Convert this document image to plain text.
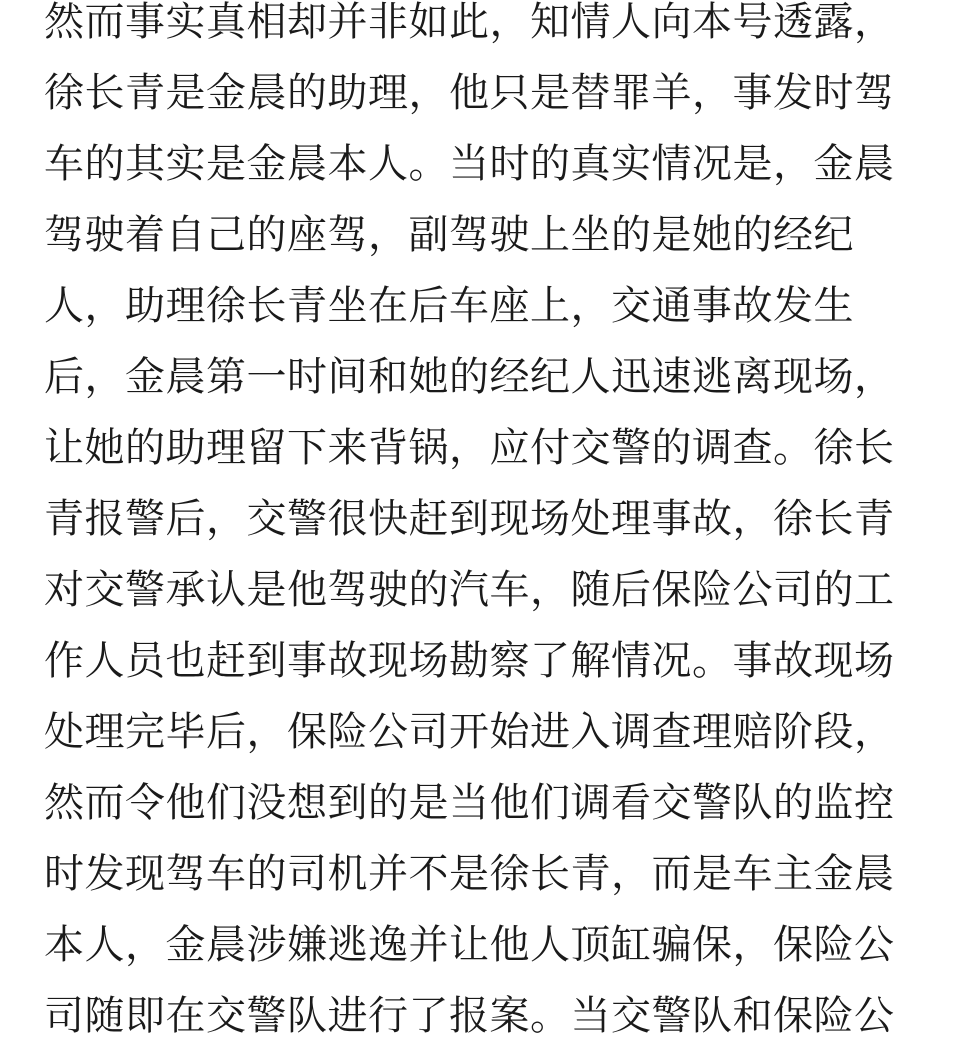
然而事实真相却并非如此，知情人向本号透露，
徐长青是金晨的助理，他只是替罪羊，事发时驾
车的其实是金晨本人。当时的真实情况是，金晨
驾驶着自己的座驾，副驾驶上坐的是她的经纪
人，助理徐长青坐在后车座上，交通事故发生
后，金晨第一时间和她的经纪人迅速逃离现场，
让她的助理留下来背锅，应付交警的调查。徐长
青报警后，交警很快赶到现场处理事故，徐长青
对交警承认是他驾驶的汽车，随后保险公司的工
作人员也赶到事故现场勘察了解情况。事故现场
处理完毕后，保险公司开始进入调查理赔阶段，
然而令他们没想到的是当他们调看交警队的监控
时发现驾车的司机并不是徐长青，而是车主金晨
本人，金晨涉嫌逃逸并让他人顶缸骗保，保险公
司随即在交警队进行了报案。当交警队和保险公
